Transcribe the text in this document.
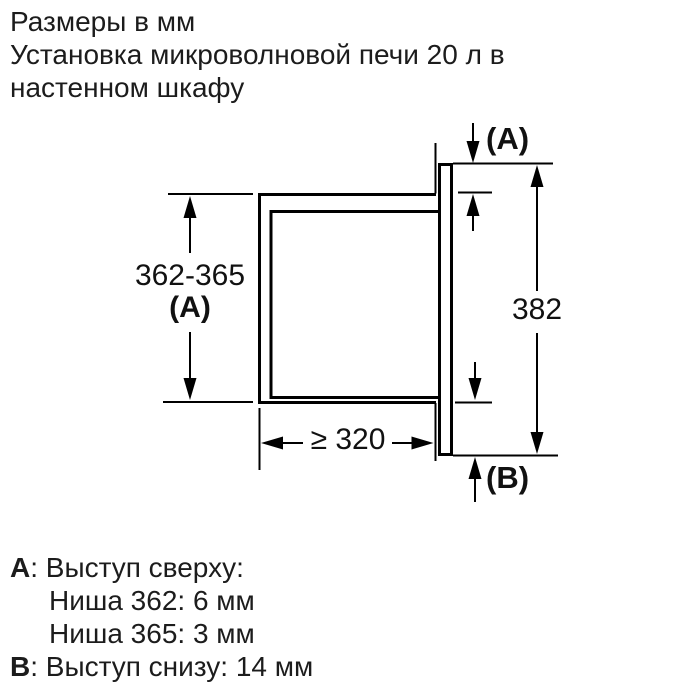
Размеры в мм
Установка микроволновой печи 20 л в
настенном шкафу
362-365
(A)	382
≥ 320
(A)
(B)
A: Выступ сверху:
Ниша 362: 6 мм
Ниша 365: 3 мм
B: Выступ снизу: 14 мм
